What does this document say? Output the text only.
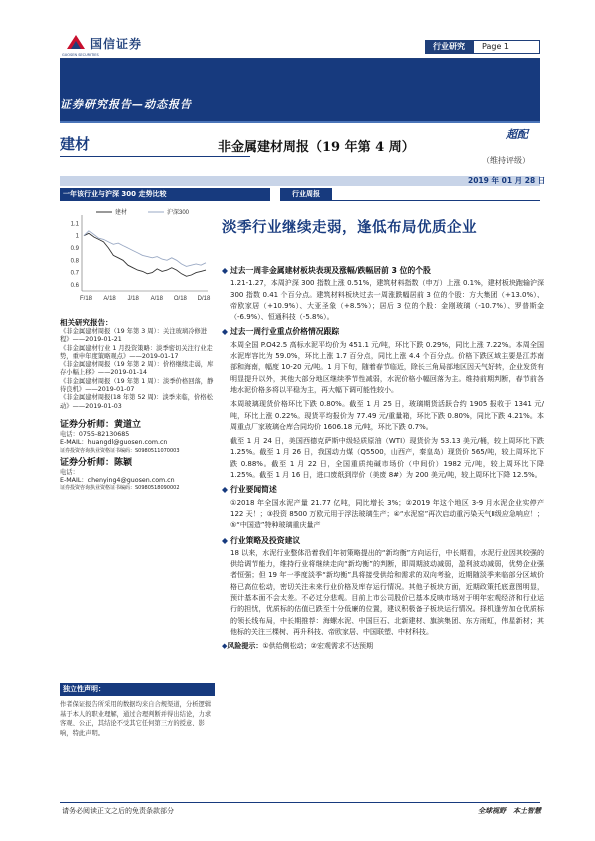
国信证券
GUOSEN SECURITIES
行业研究	Page 1
证券研究报告—动态报告
建材	非金属建材周报（19 年第 4 周）
超配
（维持评级）
2019 年 01 月 28 日
一年该行业与沪深 300 走势比较
1.1
1
0.9
0.8
0.7
0.6
F/18 A/18 J/18 A/18 O/18 D/18
建材	沪深300
行业周报
淡季行业继续走弱，逢低布局优质企业
相关研究报告：
《非金属建材周报（19 年第 3 周）：关注玻璃冷修进程》——2019-01-21
《非金属建材行业 1 月投资策略：淡季密切关注行业走势，重申年度策略观点》——2019-01-17
《非金属建材周报（19 年第 2 周）：价格继续走弱，库存小幅上移》——2019-01-14
《非金属建材周报（19 年第 1 周）：淡季价格回落，静待良机》——2019-01-07
《非金属建材周报(18 年第 52 周)：淡季来临，价格松动》——2019-01-03
证券分析师：黄道立
电话：0755-82130685
E-MAIL：huangdl@guosen.com.cn
证券投资咨询执业资格证书编码：S0980511070003
证券分析师：陈颖
电话：
E-MAIL：chenying4@guosen.com.cn
证券投资咨询执业资格证书编码：S0980518090002
独立性声明：
作者保证报告所采用的数据均来自合规渠道，分析逻辑基于本人的职业理解，通过合理判断并得出结论，力求客观、公正，其结论不受其它任何第三方的授意、影响，特此声明。
◆ 过去一周非金属建材板块表现及涨幅/跌幅居前 3 位的个股

1.21-1.27，本周沪深 300 指数上涨 0.51%，建筑材料指数（申万）上涨 0.1%，建材板块跑输沪深 300 指数 0.41 个百分点。建筑材料板块过去一周涨跌幅居前 3 位的个股：方大集团（+13.0%）、帝欧家居（+10.9%）、大亚圣象（+8.5%）；居后 3 位的个股：金刚玻璃（-10.7%）、罗普斯金（-6.9%）、恒通科技（-5.8%）。

◆ 过去一周行业重点价格情况跟踪

本周全国 P.O42.5 高标水泥平均价为 451.1 元/吨，环比下跌 0.29%，同比上涨 7.22%。本周全国水泥库容比为 59.0%，环比上涨 1.7 百分点，同比上涨 4.4 个百分点。价格下跌区域主要是江苏南部和海南，幅度 10-20 元/吨。1 月下旬，随着春节临近，除长三角局部地区因天气好转，企业发货有明显提升以外，其他大部分地区继续季节性减弱，水泥价格小幅回落为主。维持前期判断，春节前各地水泥价格多将以平稳为主，再大幅下调可能性较小。

本周玻璃现货价格环比下跌 0.80%。截至 1 月 25 日，玻璃期货活跃合约 1905 报收于 1341 元/吨，环比上涨 0.22%。现货平均报价为 77.49 元/重量箱，环比下跌 0.80%，同比下跌 4.21%。本周重点厂家玻璃仓库合同均价 1606.18 元/吨，环比下跌 0.7%。

截至 1 月 24 日，美国西德克萨斯中级轻质原油（WTI）现货价为 53.13 美元/桶，较上周环比下跌 1.25%。截至 1 月 26 日，我国动力煤（Q5500，山西产，秦皇岛）现货价 565/吨，较上周环比下跌 0.88%。截至 1 月 22 日，全国重质纯碱市场价（中间价）1982 元/吨，较上周环比下降 1.25%。截至 1 月 16 日，进口废纸到岸价（美废 8#）为 200 美元/吨，较上周环比下降 12.5%。

◆ 行业要闻简述

①2018 年全国水泥产量 21.77 亿吨，同比增长 3%；②2019 年这个地区 3-9 月水泥企业实停产 122 天！；③投资 8500 万欧元用于浮法玻璃生产；④“水泥窑”再次启动重污染天气Ⅱ级应急响应！；⑤“中国造”特种玻璃重庆量产

◆ 行业策略及投资建议

18 以来，水泥行业整体沿着我们年初策略提出的“新均衡”方向运行，中长期看，水泥行业因其较强的供给调节能力，维持行业将继续走向“新均衡”的判断，即周期波动减弱，盈利波动减弱，优势企业强者恒强；但 19 年一季度淡季“新均衡”具将接受供给和需求的双向考验，近期随淡季来临部分区域价格已高位松动，密切关注未来行业价格及库存运行情况。其他子板块方面，近期政策托底意图明显，预计基本面不会太差。不必过分悲观。目前上市公司股价已基本反映市场对于明年宏观经济和行业运行的担忧，优质标的估值已跌至十分低廉的位置，建议积极备子板块运行情况。择机逢劳加仓优质标的领长线布局，中长期推荐：海螺水泥、中国巨石、北新建材、旗滨集团、东方雨虹，伟星新材；其他标的关注三棵树、再升科技、帝欧家居、中国联塑、中材科技。

◆风险提示：①供给侧松动；②宏观需求不达预期

请务必阅读正文之后的免责条款部分	全球视野　本土智慧
